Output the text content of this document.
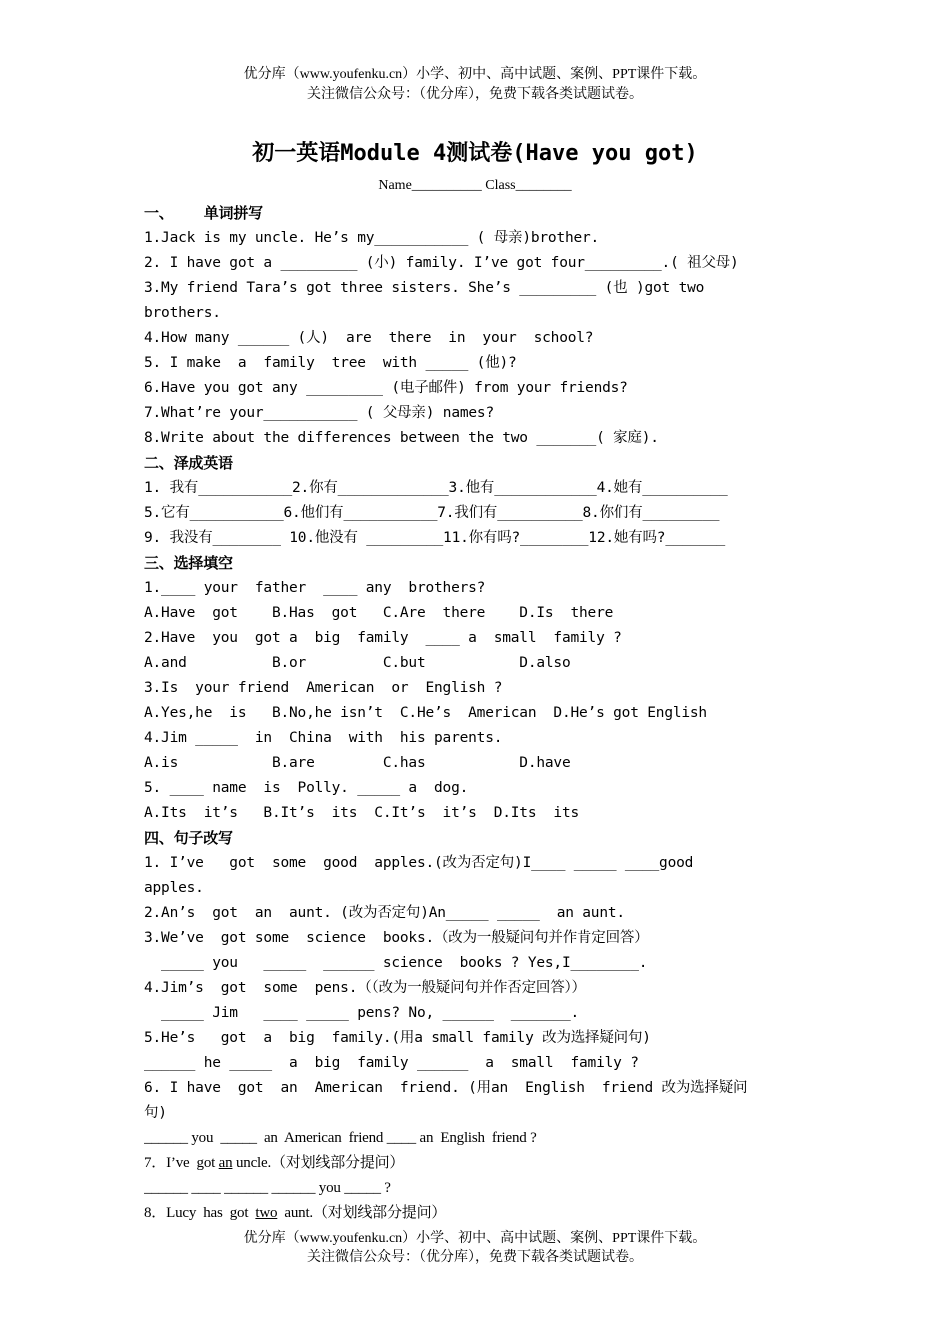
优分库（www.youfenku.cn）小学、初中、高中试题、案例、PPT课件下载。
关注微信公众号：（优分库），免费下载各类试题试卷。
初一英语Module 4测试卷(Have you got)
Name__________ Class________
一、      单词拼写
1.Jack is my uncle. He’s my___________ ( 母亲)brother.
2. I have got a _________ (小) family. I’ve got four_________.( 祖父母)
3.My friend Tara’s got three sisters. She’s _________ (也 )got two
brothers.
4.How many ______ (人)  are  there  in  your  school?
5. I make  a  family  tree  with _____ (他)?
6.Have you got any _________ (电子邮件) from your friends?
7.What’re your___________ ( 父母亲) names?
8.Write about the differences between the two _______( 家庭).
二、泽成英语
1. 我有___________2.你有_____________3.他有____________4.她有__________
5.它有___________6.他们有___________7.我们有__________8.你们有_________
9. 我没有________ 10.他没有 _________11.你有吗?________12.她有吗?_______
三、选择填空
1.____ your  father  ____ any  brothers?
A.Have  got    B.Has  got   C.Are  there    D.Is  there
2.Have  you  got a  big  family  ____ a  small  family ?
A.and          B.or         C.but           D.also
3.Is  your friend  American  or  English ?
A.Yes,he  is   B.No,he isn’t  C.He’s  American  D.He’s got English
4.Jim _____  in  China  with  his parents.
A.is           B.are        C.has           D.have
5. ____ name  is  Polly. _____ a  dog.
A.Its  it’s   B.It’s  its  C.It’s  it’s  D.Its  its
四、句子改写
1. I’ve   got  some  good  apples.(改为否定句)I____ _____ ____good
apples.
2.An’s  got  an  aunt. (改为否定句)An_____ _____  an aunt.
3.We’ve  got some  science  books.（改为一般疑问句并作肯定回答）
_____ you   _____  ______ science  books ? Yes,I________.
4.Jim’s  got  some  pens.（（改为一般疑问句并作否定回答））
_____ Jim   ____ _____ pens? No, ______  _______.
5.He’s   got  a  big  family.(用a small family 改为选择疑问句)
______ he _____  a  big  family ______  a  small  family ?
6. I have  got  an  American  friend. (用an  English  friend 改为选择疑问
句)
______ you  _____  an  American  friend ____ an  English  friend ?
7．I’ve  got an uncle.（对划线部分提问）
______ ____ ______ ______ you _____ ?
8．Lucy  has  got  two  aunt.（对划线部分提问）
优分库（www.youfenku.cn）小学、初中、高中试题、案例、PPT课件下载。
关注微信公众号：（优分库），免费下载各类试题试卷。
